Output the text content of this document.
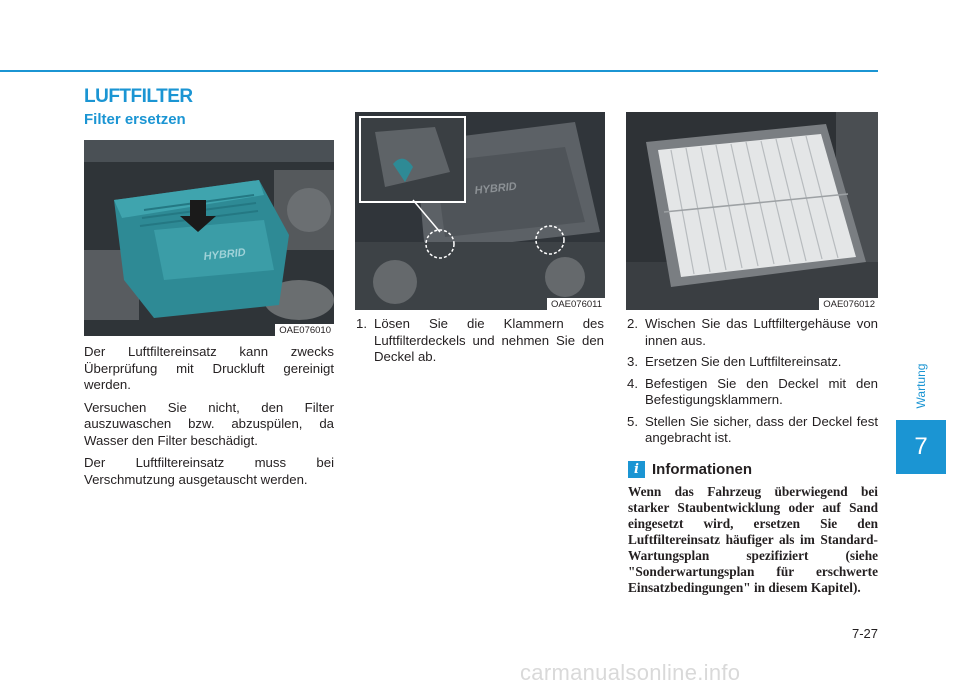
LUFTFILTER
Filter ersetzen
HYBRID
OAE076010
HYBRID
OAE076011	OAE076012

Der Luftfiltereinsatz kann zwecks Überprüfung mit Druckluft gereinigt werden.

Versuchen Sie nicht, den Filter auszuwaschen bzw. abzuspülen, da Wasser den Filter beschädigt.

Der Luftfiltereinsatz muss bei Verschmutzung ausgetauscht werden.

1. Lösen Sie die Klammern des Luftfilterdeckels und nehmen Sie den Deckel ab.
2. Wischen Sie das Luftfiltergehäuse von innen aus.
3. Ersetzen Sie den Luftfiltereinsatz.
4. Befestigen Sie den Deckel mit den Befestigungsklammern.
5. Stellen Sie sicher, dass der Deckel fest angebracht ist.
i Informationen
Wenn das Fahrzeug überwiegend bei starker Staubentwicklung oder auf Sand eingesetzt wird, ersetzen Sie den Luftfiltereinsatz häufiger als im Standard-Wartungsplan spezifiziert (siehe "Sonderwartungsplan für erschwerte Einsatzbedingungen" in diesem Kapitel).
Wartung
7
7-27
carmanualsonline.info
